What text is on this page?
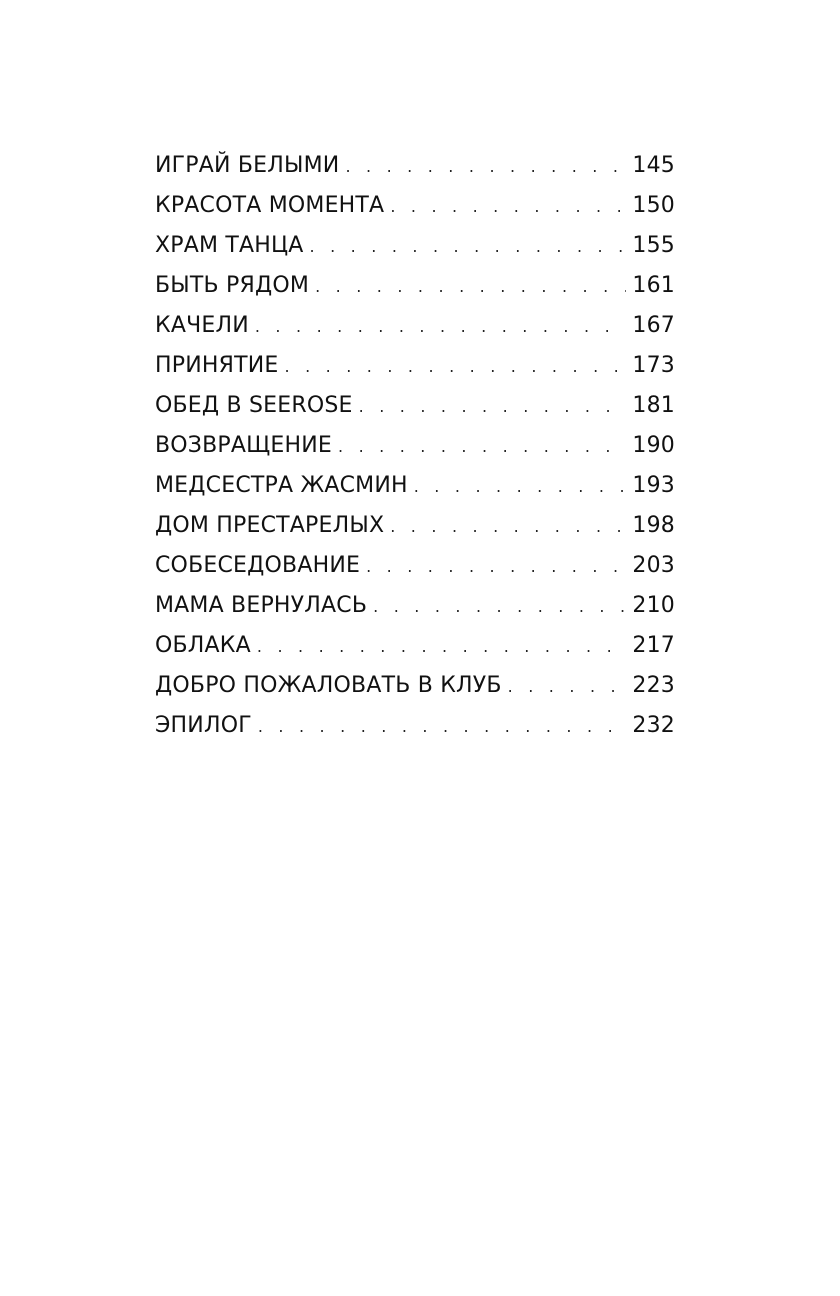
ИГРАЙ БЕЛЫМИ . . .	145
КРАСОТА МОМЕНТА . . .	150
ХРАМ ТАНЦА . . .	155
БЫТЬ РЯДОМ . . .	161
КАЧЕЛИ . . .	167
ПРИНЯТИЕ . . .	173
ОБЕД В SEEROSE . . .	181
ВОЗВРАЩЕНИЕ . . .	190
МЕДСЕСТРА ЖАСМИН . . .	193
ДОМ ПРЕСТАРЕЛЫХ . . .	198
СОБЕСЕДОВАНИЕ . . .	203
МАМА ВЕРНУЛАСЬ . . .	210
ОБЛАКА . . .	217
ДОБРО ПОЖАЛОВАТЬ В КЛУБ . . .	223
ЭПИЛОГ . . .	232
